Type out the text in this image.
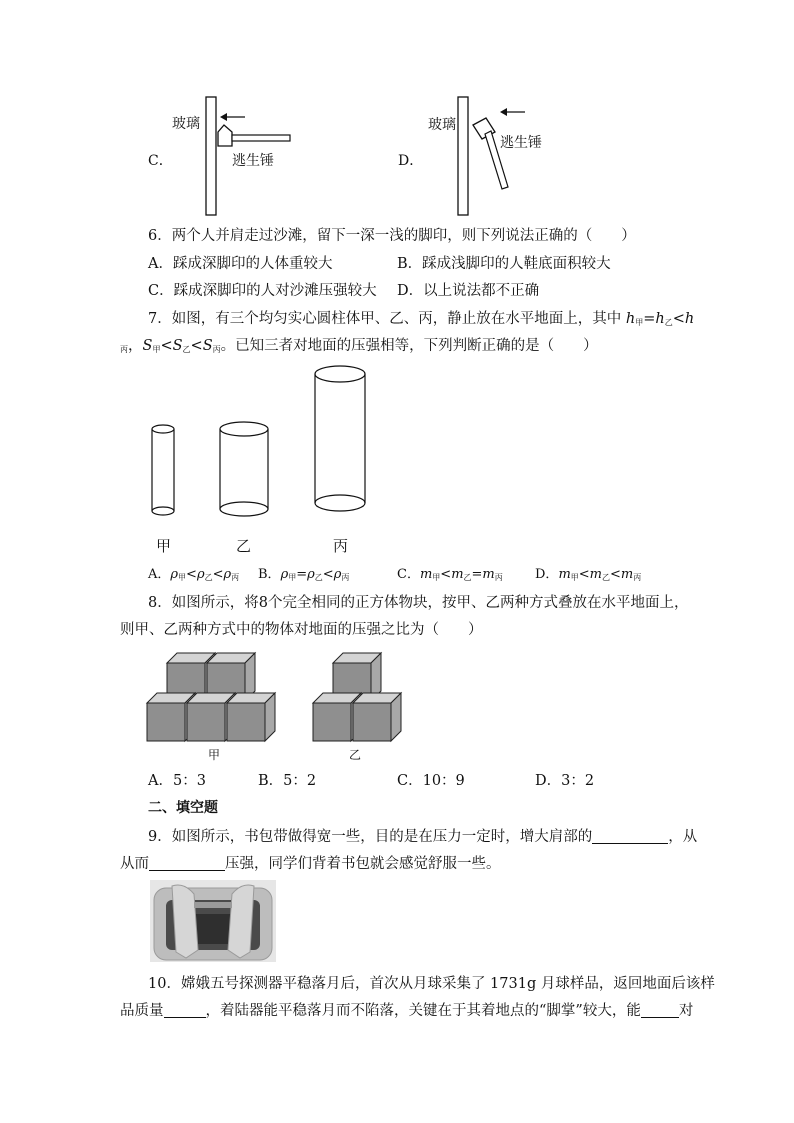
C．
玻璃
逃生锤	D．
玻璃
逃生锤
6．两个人并肩走过沙滩，留下一深一浅的脚印，则下列说法正确的（　　）
A．踩成深脚印的人体重较大	B．踩成浅脚印的人鞋底面积较大
C．踩成深脚印的人对沙滩压强较大 D．以上说法都不正确
7．如图，有三个均匀实心圆柱体甲、乙、丙，静止放在水平地面上，其中 $h_甲=h_乙<h$
$_丙$，$S_甲<S_乙<S_丙$。已知三者对地面的压强相等，下列判断正确的是（　　）
甲	乙	丙
A．$\rho_甲<\rho_乙<\rho_丙$ B．$\rho_甲=\rho_乙<\rho_丙$	C．$m_甲<m_乙=m_丙$ D．$m_甲<m_乙<m_丙$
8．如图所示，将8个完全相同的正方体物块，按甲、乙两种方式叠放在水平地面上，
则甲、乙两种方式中的物体对地面的压强之比为（　　）
甲	乙
A．5：3	B．5：2	C．10：9	D．3：2
二、填空题
9．如图所示，书包带做得宽一些，目的是在压力一定时，增大肩部的	，从
从而	压强，同学们背着书包就会感觉舒服一些。
10．嫦娥五号探测器平稳落月后，首次从月球采集了 1731g 月球样品，返回地面后该样
品质量	，着陆器能平稳落月而不陷落，关键在于其着地点的“脚掌”较大，能	对
